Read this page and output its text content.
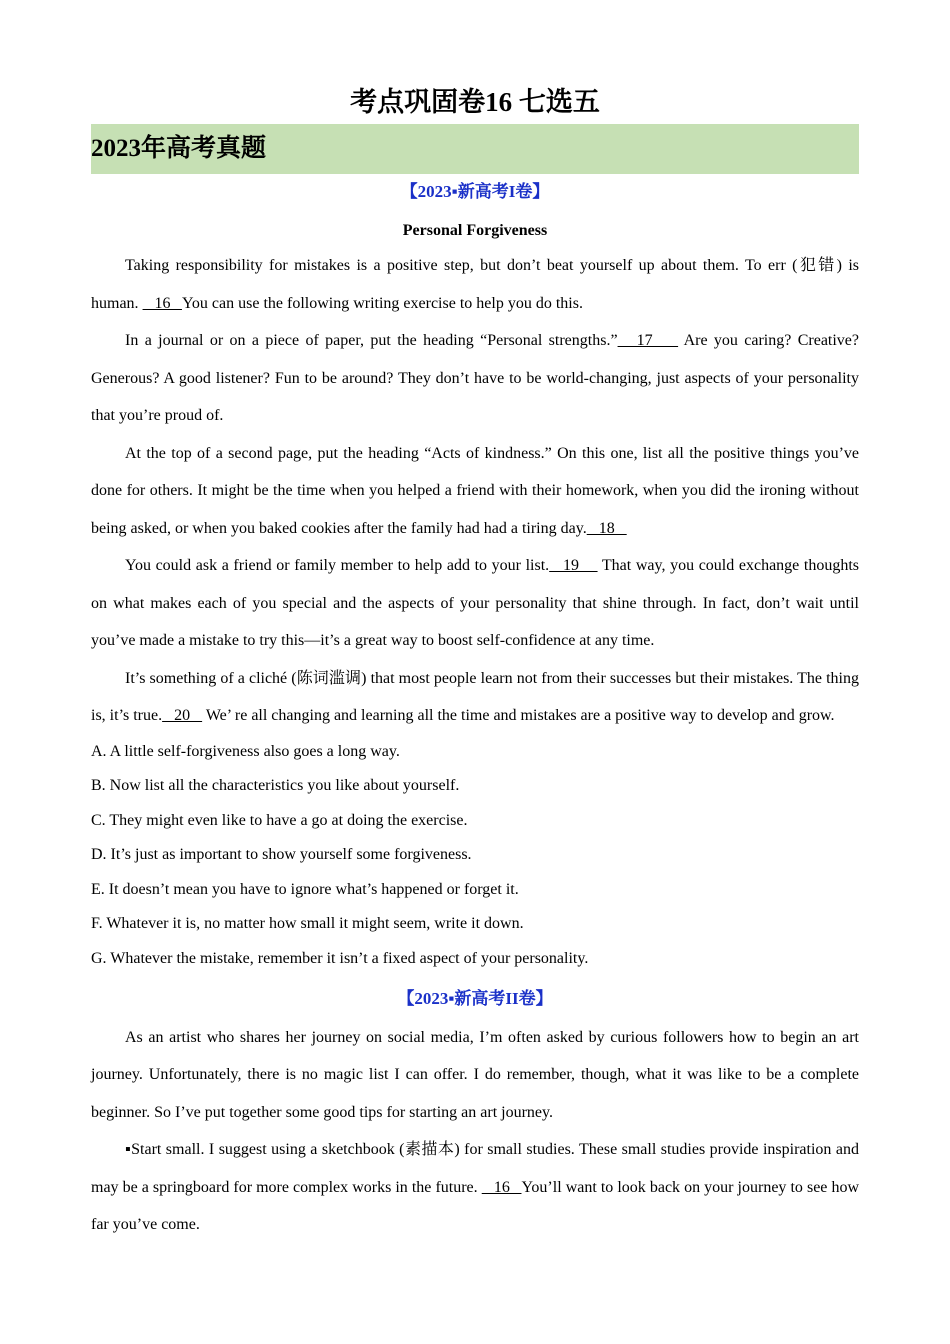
考点巩固卷16 七选五
2023年高考真题
【2023▪新高考I卷】
Personal Forgiveness

Taking responsibility for mistakes is a positive step, but don’t beat yourself up about them. To err (犯错) is human.    16   You can use the following writing exercise to help you do this.

In a journal or on a piece of paper, put the heading “Personal strengths.”   17     Are you caring? Creative? Generous? A good listener? Fun to be around? They don’t have to be world-changing, just aspects of your personality that you’re proud of.

At the top of a second page, put the heading “Acts of kindness.” On this one, list all the positive things you’ve done for others. It might be the time when you helped a friend with their homework, when you did the ironing without being asked, or when you baked cookies after the family had had a tiring day.   18

You could ask a friend or family member to help add to your list.   19     That way, you could exchange thoughts on what makes each of you special and the aspects of your personality that shine through. In fact, don’t wait until you’ve made a mistake to try this—it’s a great way to boost self-confidence at any time.

It’s something of a cliché (陈词滥调) that most people learn not from their successes but their mistakes. The thing is, it’s true.   20    We’ re all changing and learning all the time and mistakes are a positive way to develop and grow.

A. A little self-forgiveness also goes a long way.
B. Now list all the characteristics you like about yourself.
C. They might even like to have a go at doing the exercise.
D. It’s just as important to show yourself some forgiveness.
E. It doesn’t mean you have to ignore what’s happened or forget it.
F. Whatever it is, no matter how small it might seem, write it down.
G. Whatever the mistake, remember it isn’t a fixed aspect of your personality.
【2023▪新高考II卷】

As an artist who shares her journey on social media, I’m often asked by curious followers how to begin an art journey. Unfortunately, there is no magic list I can offer. I do remember, though, what it was like to be a complete beginner. So I’ve put together some good tips for starting an art journey.

▪Start small. I suggest using a sketchbook (素描本) for small studies. These small studies provide inspiration and may be a springboard for more complex works in the future.    16   You’ll want to look back on your journey to see how far you’ve come.
